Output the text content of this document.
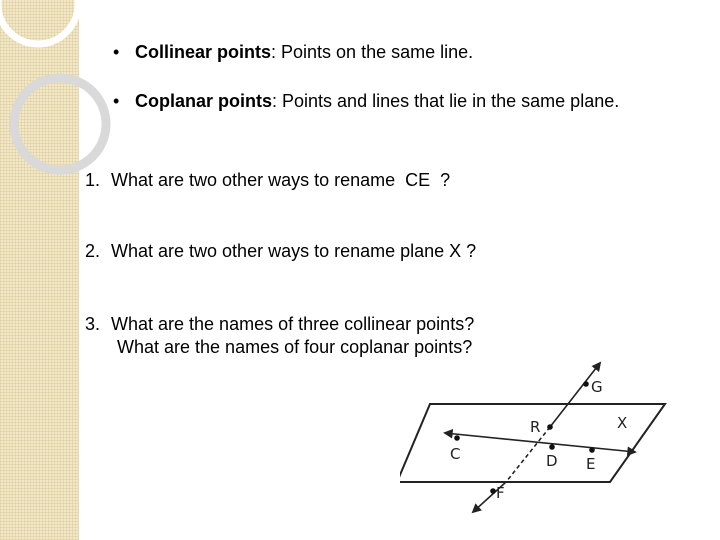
• Collinear points: Points on the same line.
• Coplanar points: Points and lines that lie in the same plane.
1. What are two other ways to rename  CE  ?
2. What are two other ways to rename plane X ?
3. What are the names of three collinear points?
What are the names of four coplanar points?
G
R	X
C	D E
F
